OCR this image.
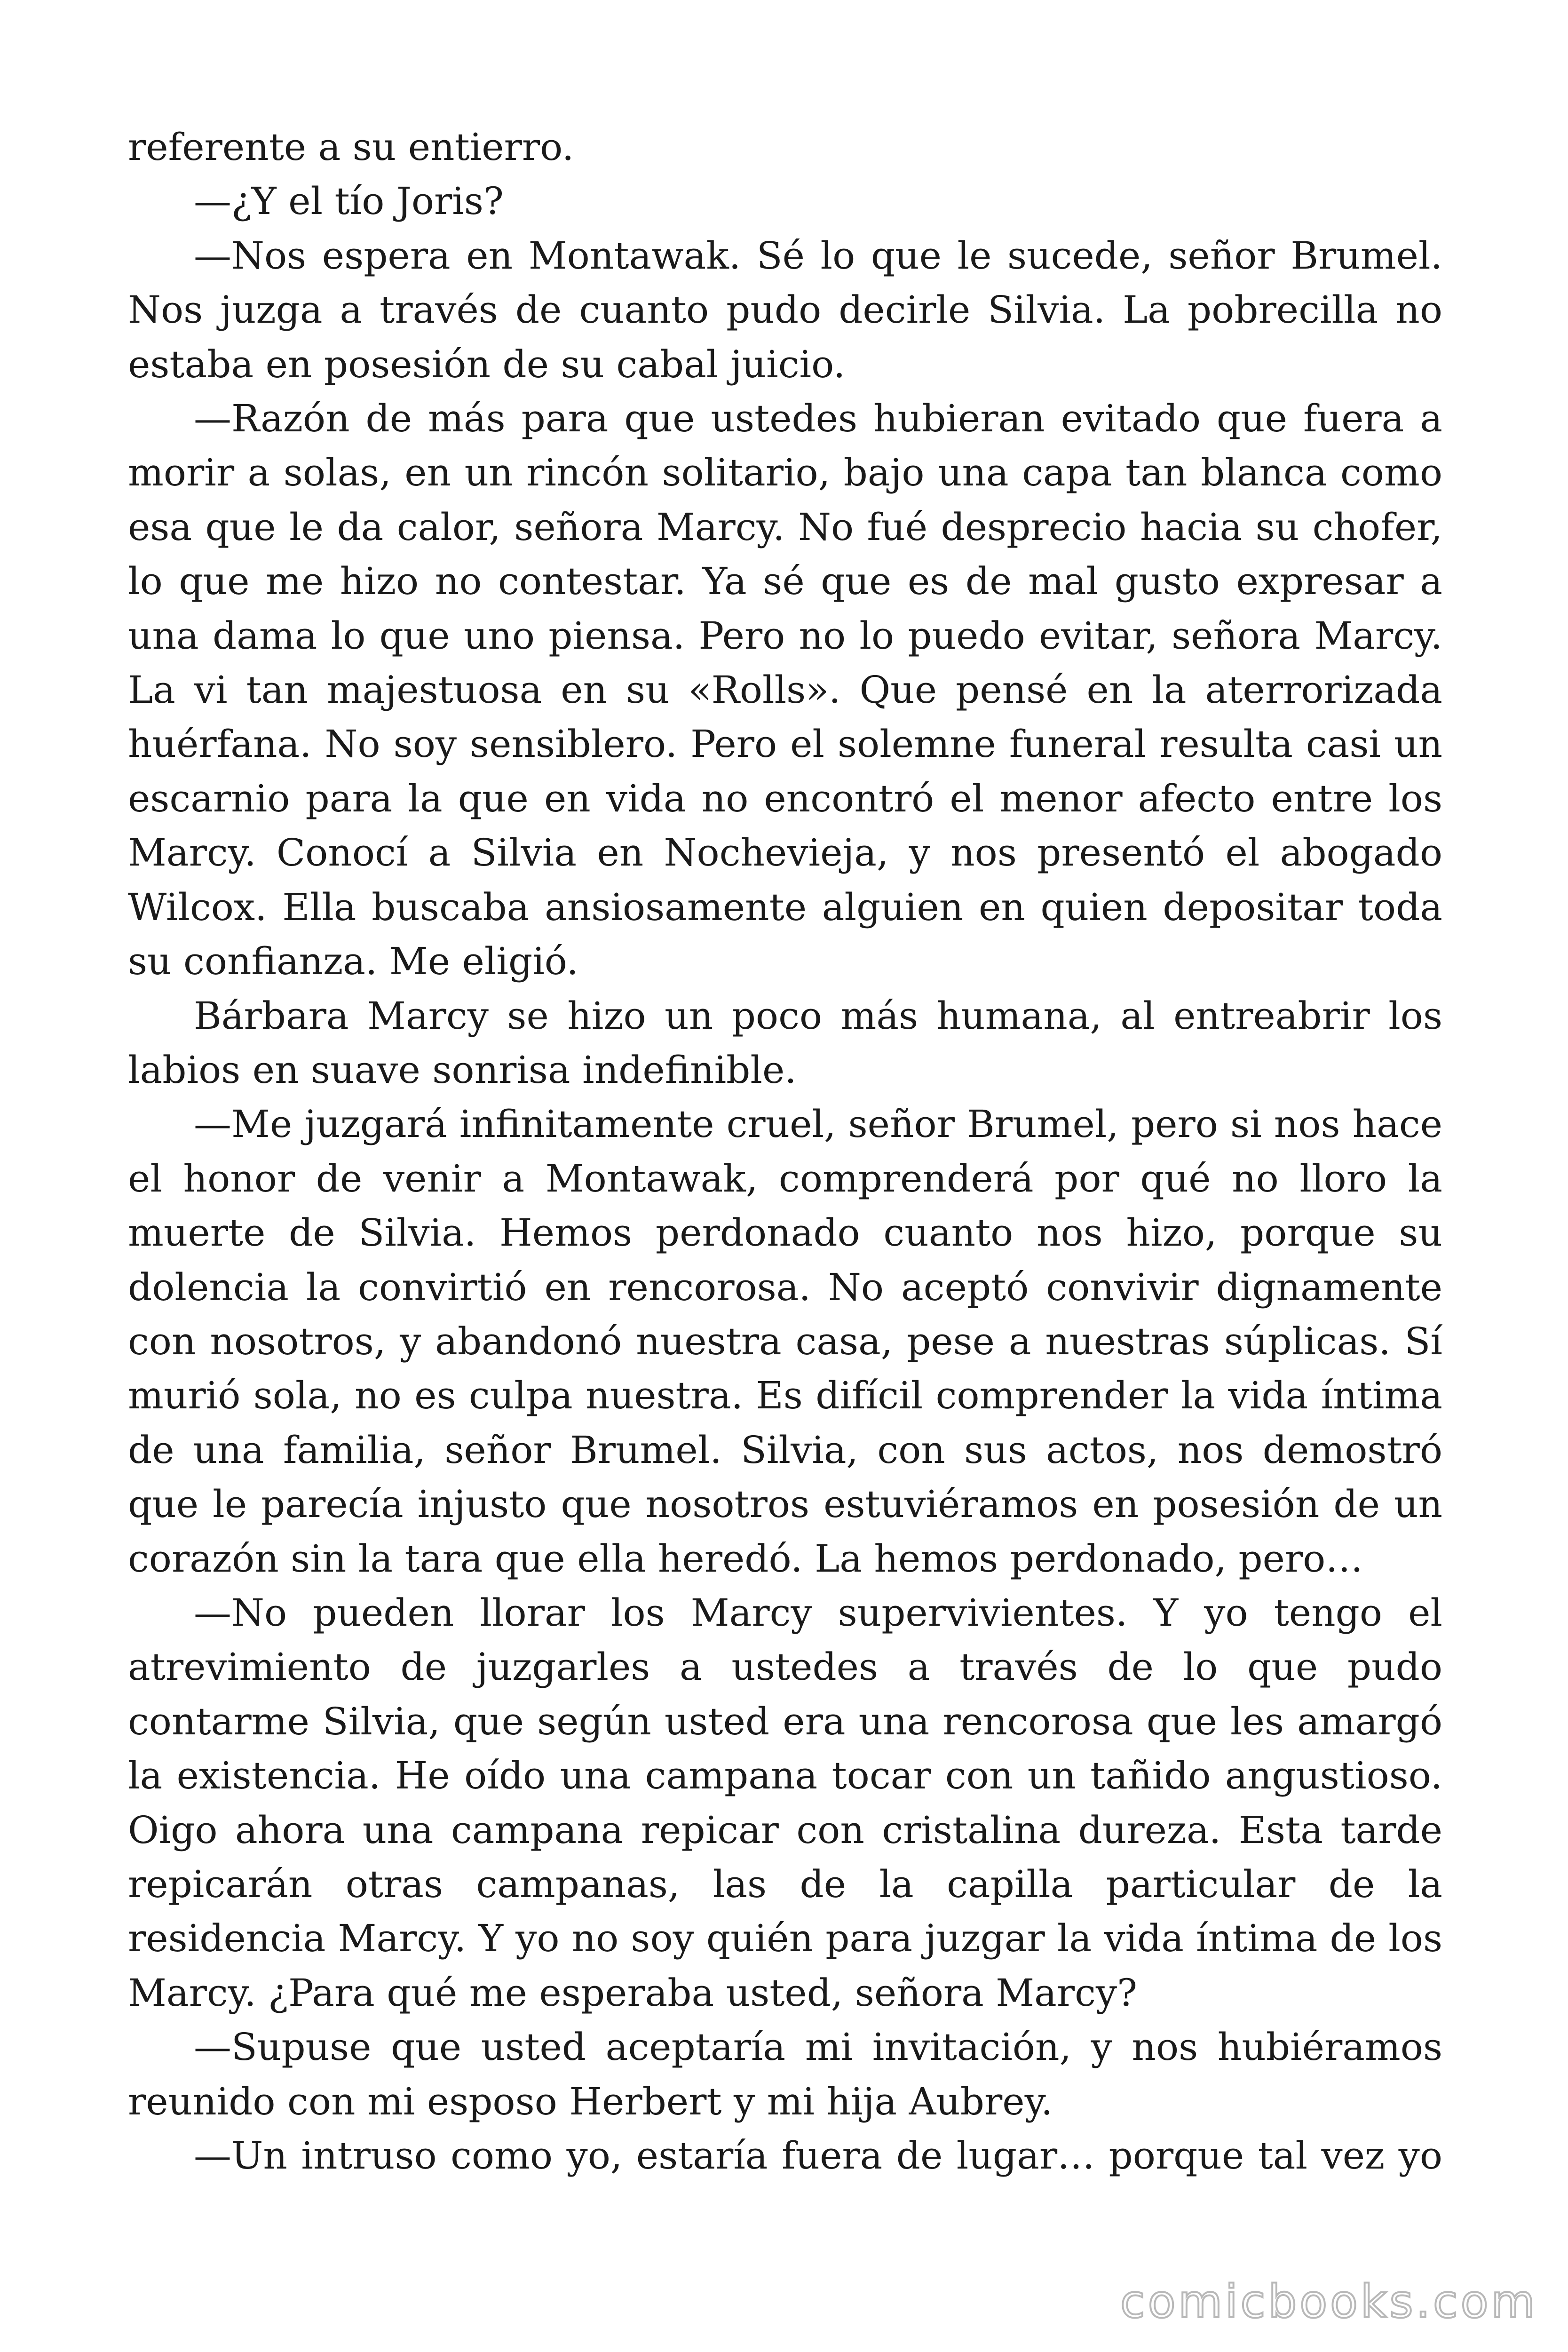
referente a su entierro.

—¿Y el tío Joris?

—Nos espera en Montawak. Sé lo que le sucede, señor Brumel. Nos juzga a través de cuanto pudo decirle Silvia. La pobrecilla no estaba en posesión de su cabal juicio.

—Razón de más para que ustedes hubieran evitado que fuera a morir a solas, en un rincón solitario, bajo una capa tan blanca como esa que le da calor, señora Marcy. No fué desprecio hacia su chofer, lo que me hizo no contestar. Ya sé que es de mal gusto expresar a una dama lo que uno piensa. Pero no lo puedo evitar, señora Marcy. La vi tan majestuosa en su «Rolls». Que pensé en la aterrorizada huérfana. No soy sensiblero. Pero el solemne funeral resulta casi un escarnio para la que en vida no encontró el menor afecto entre los Marcy. Conocí a Silvia en Nochevieja, y nos presentó el abogado Wilcox. Ella buscaba ansiosamente alguien en quien depositar toda su confianza. Me eligió.

Bárbara Marcy se hizo un poco más humana, al entreabrir los labios en suave sonrisa indefinible.

—Me juzgará infinitamente cruel, señor Brumel, pero si nos hace el honor de venir a Montawak, comprenderá por qué no lloro la muerte de Silvia. Hemos perdonado cuanto nos hizo, porque su dolencia la convirtió en rencorosa. No aceptó convivir dignamente con nosotros, y abandonó nuestra casa, pese a nuestras súplicas. Sí murió sola, no es culpa nuestra. Es difícil comprender la vida íntima de una familia, señor Brumel. Silvia, con sus actos, nos demostró que le parecía injusto que nosotros estuviéramos en posesión de un corazón sin la tara que ella heredó. La hemos perdonado, pero…

—No pueden llorar los Marcy supervivientes. Y yo tengo el atrevimiento de juzgarles a ustedes a través de lo que pudo contarme Silvia, que según usted era una rencorosa que les amargó la existencia. He oído una campana tocar con un tañido angustioso. Oigo ahora una campana repicar con cristalina dureza. Esta tarde repicarán otras campanas, las de la capilla particular de la residencia Marcy. Y yo no soy quién para juzgar la vida íntima de los Marcy. ¿Para qué me esperaba usted, señora Marcy?

—Supuse que usted aceptaría mi invitación, y nos hubiéramos reunido con mi esposo Herbert y mi hija Aubrey.

—Un intruso como yo, estaría fuera de lugar… porque tal vez yo

comicbooks.com
